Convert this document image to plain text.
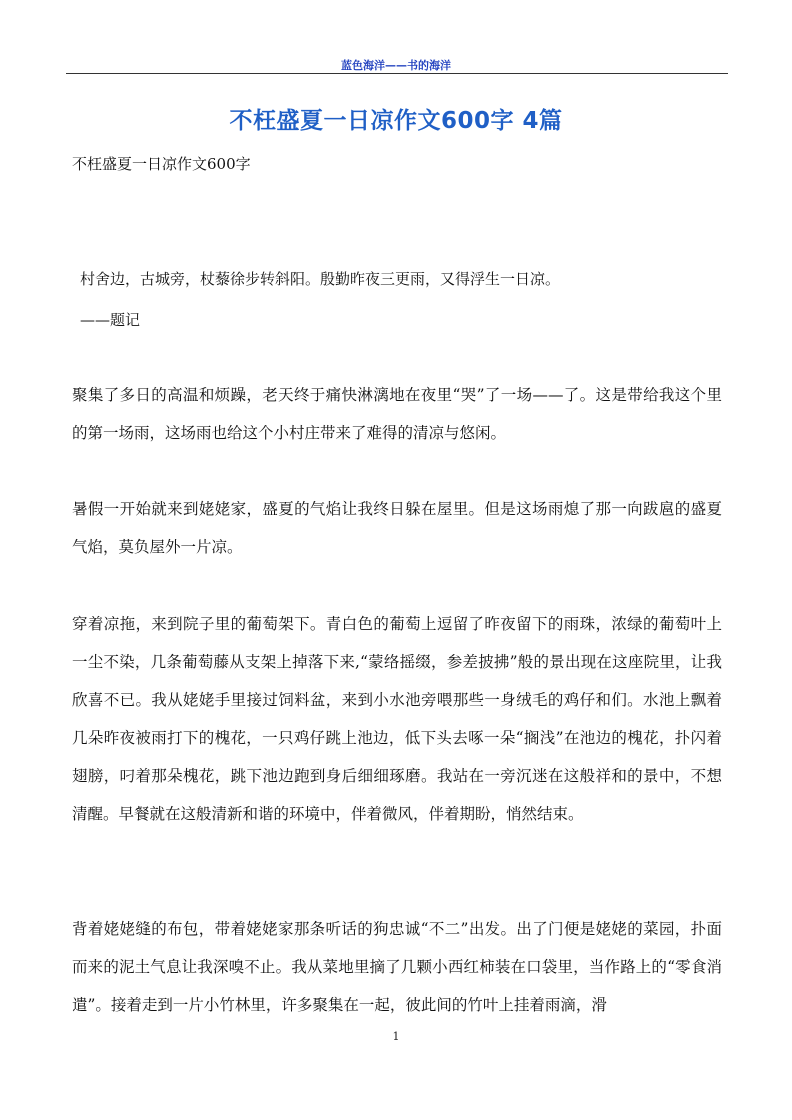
蓝色海洋——书的海洋
不枉盛夏一日凉作文600字 4篇
不枉盛夏一日凉作文600字
村舍边，古城旁，杖藜徐步转斜阳。殷勤昨夜三更雨，又得浮生一日凉。
——题记

聚集了多日的高温和烦躁，老天终于痛快淋漓地在夜里“哭”了一场——了。这是带给我这个里的第一场雨，这场雨也给这个小村庄带来了难得的清凉与悠闲。

暑假一开始就来到姥姥家，盛夏的气焰让我终日躲在屋里。但是这场雨熄了那一向跋扈的盛夏气焰，莫负屋外一片凉。

穿着凉拖，来到院子里的葡萄架下。青白色的葡萄上逗留了昨夜留下的雨珠，浓绿的葡萄叶上一尘不染，几条葡萄藤从支架上掉落下来,“蒙络摇缀，参差披拂”般的景出现在这座院里，让我欣喜不已。我从姥姥手里接过饲料盆，来到小水池旁喂那些一身绒毛的鸡仔和们。水池上飘着几朵昨夜被雨打下的槐花，一只鸡仔跳上池边，低下头去啄一朵“搁浅”在池边的槐花，扑闪着翅膀，叼着那朵槐花，跳下池边跑到身后细细琢磨。我站在一旁沉迷在这般祥和的景中，不想清醒。早餐就在这般清新和谐的环境中，伴着微风，伴着期盼，悄然结束。

背着姥姥缝的布包，带着姥姥家那条听话的狗忠诚“不二”出发。出了门便是姥姥的菜园，扑面而来的泥土气息让我深嗅不止。我从菜地里摘了几颗小西红柿装在口袋里，当作路上的“零食消遣”。接着走到一片小竹林里，许多聚集在一起，彼此间的竹叶上挂着雨滴，滑

1
